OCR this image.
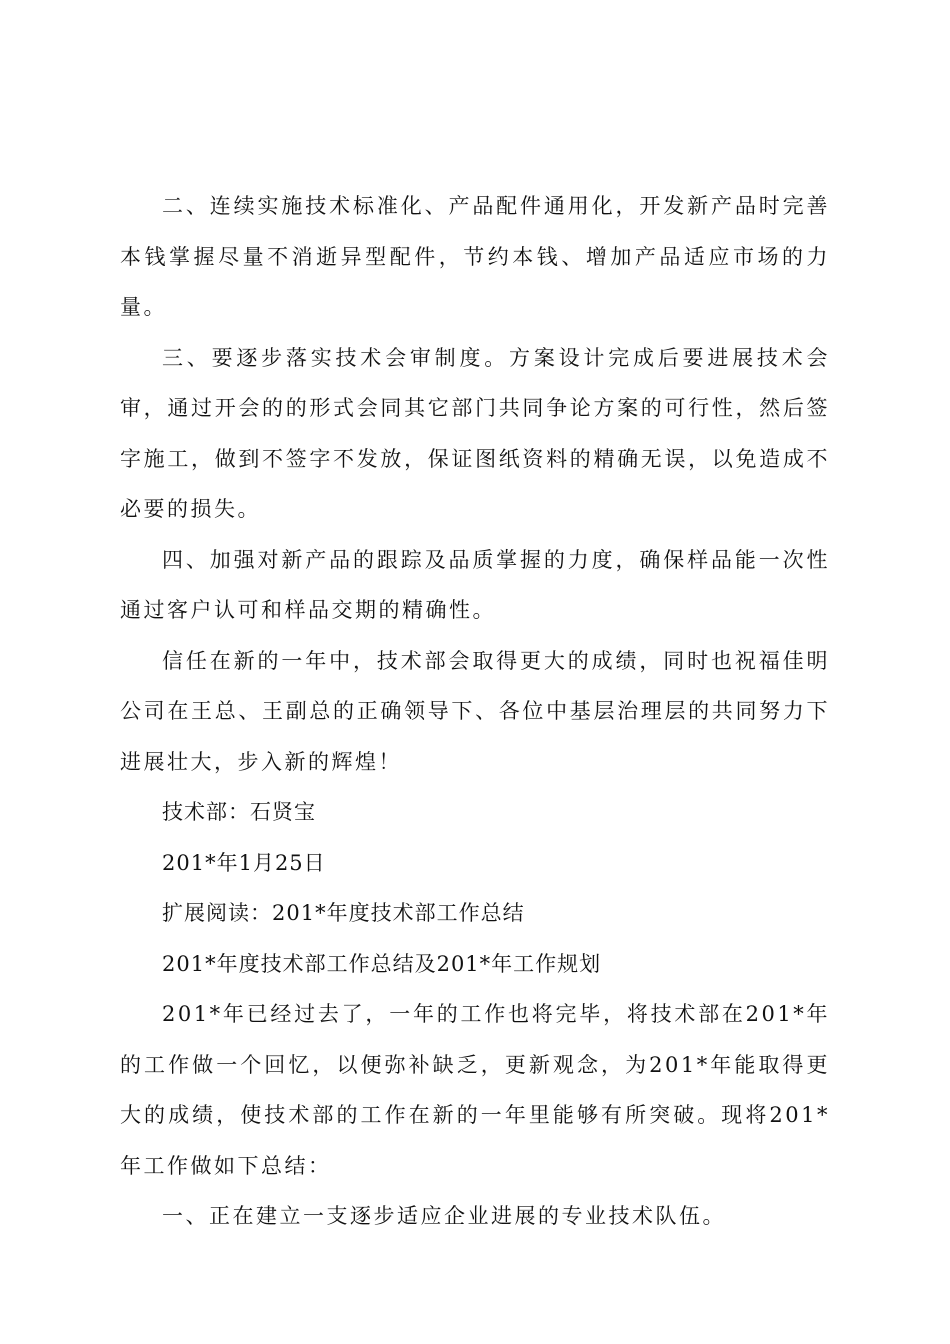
二、连续实施技术标准化、产品配件通用化，开发新产品时完善本钱掌握尽量不消逝异型配件，节约本钱、增加产品适应市场的力量。

三、要逐步落实技术会审制度。方案设计完成后要进展技术会审，通过开会的的形式会同其它部门共同争论方案的可行性，然后签字施工，做到不签字不发放，保证图纸资料的精确无误，以免造成不必要的损失。

四、加强对新产品的跟踪及品质掌握的力度，确保样品能一次性通过客户认可和样品交期的精确性。

信任在新的一年中，技术部会取得更大的成绩，同时也祝福佳明公司在王总、王副总的正确领导下、各位中基层治理层的共同努力下进展壮大，步入新的辉煌！

技术部：石贤宝

201*年1月25日

扩展阅读：201*年度技术部工作总结

201*年度技术部工作总结及201*年工作规划

201*年已经过去了，一年的工作也将完毕，将技术部在201*年的工作做一个回忆，以便弥补缺乏，更新观念，为201*年能取得更大的成绩，使技术部的工作在新的一年里能够有所突破。现将201*年工作做如下总结：

一、正在建立一支逐步适应企业进展的专业技术队伍。
